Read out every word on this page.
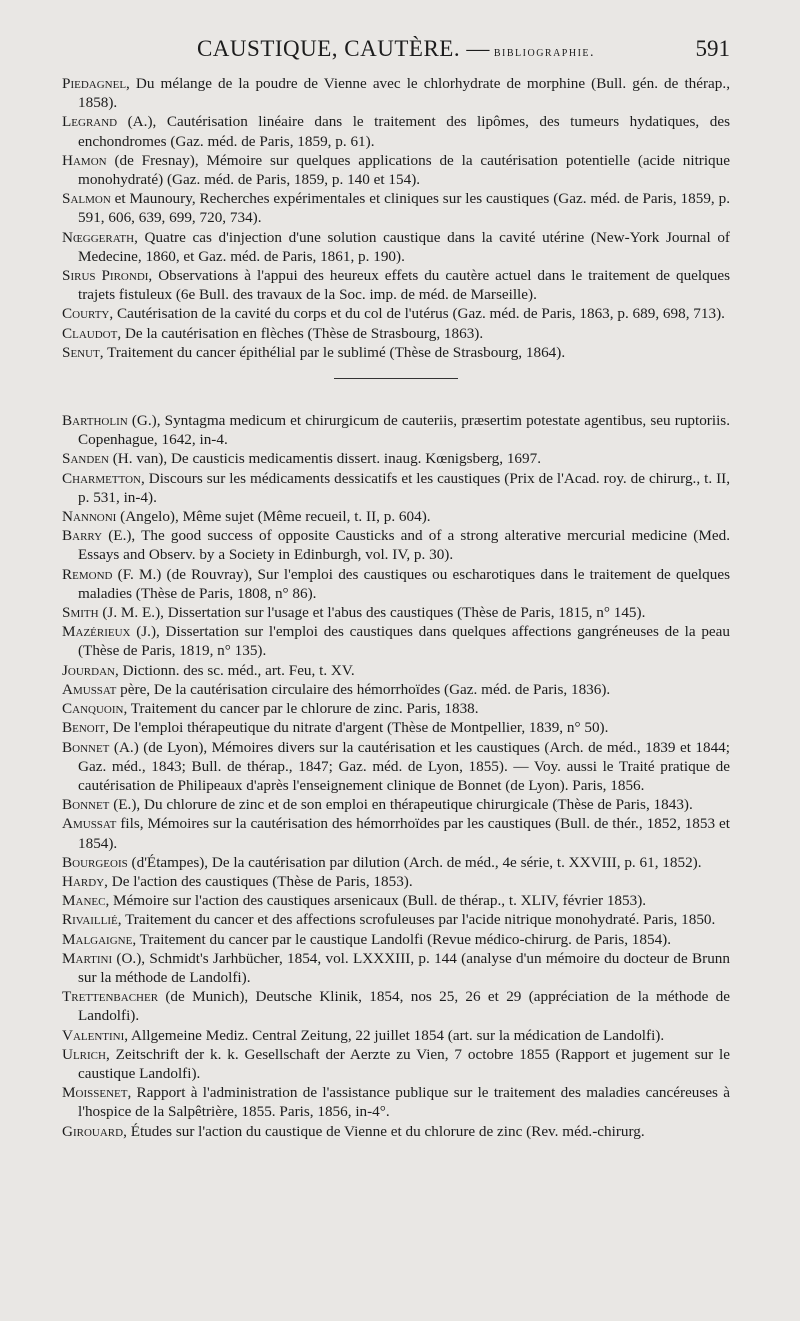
CAUSTIQUE, CAUTÈRE. — bibliographie.	591

Piedagnel, Du mélange de la poudre de Vienne avec le chlorhydrate de morphine (Bull. gén. de thérap., 1858).

Legrand (A.), Cautérisation linéaire dans le traitement des lipômes, des tumeurs hydatiques, des enchondromes (Gaz. méd. de Paris, 1859, p. 61).

Hamon (de Fresnay), Mémoire sur quelques applications de la cautérisation potentielle (acide nitrique monohydraté) (Gaz. méd. de Paris, 1859, p. 140 et 154).

Salmon et Maunoury, Recherches expérimentales et cliniques sur les caustiques (Gaz. méd. de Paris, 1859, p. 591, 606, 639, 699, 720, 734).

Nœggerath, Quatre cas d'injection d'une solution caustique dans la cavité utérine (New-York Journal of Medecine, 1860, et Gaz. méd. de Paris, 1861, p. 190).

Sirus Pirondi, Observations à l'appui des heureux effets du cautère actuel dans le traitement de quelques trajets fistuleux (6e Bull. des travaux de la Soc. imp. de méd. de Marseille).

Courty, Cautérisation de la cavité du corps et du col de l'utérus (Gaz. méd. de Paris, 1863, p. 689, 698, 713).

Claudot, De la cautérisation en flèches (Thèse de Strasbourg, 1863).

Senut, Traitement du cancer épithélial par le sublimé (Thèse de Strasbourg, 1864).

Bartholin (G.), Syntagma medicum et chirurgicum de cauteriis, præsertim potestate agentibus, seu ruptoriis. Copenhague, 1642, in-4.

Sanden (H. van), De causticis medicamentis dissert. inaug. Kœnigsberg, 1697.

Charmetton, Discours sur les médicaments dessicatifs et les caustiques (Prix de l'Acad. roy. de chirurg., t. II, p. 531, in-4).

Nannoni (Angelo), Même sujet (Même recueil, t. II, p. 604).

Barry (E.), The good success of opposite Causticks and of a strong alterative mercurial medicine (Med. Essays and Observ. by a Society in Edinburgh, vol. IV, p. 30).

Remond (F. M.) (de Rouvray), Sur l'emploi des caustiques ou escharotiques dans le traitement de quelques maladies (Thèse de Paris, 1808, n° 86).

Smith (J. M. E.), Dissertation sur l'usage et l'abus des caustiques (Thèse de Paris, 1815, n° 145).

Mazérieux (J.), Dissertation sur l'emploi des caustiques dans quelques affections gangréneuses de la peau (Thèse de Paris, 1819, n° 135).

Jourdan, Dictionn. des sc. méd., art. Feu, t. XV.

Amussat père, De la cautérisation circulaire des hémorrhoïdes (Gaz. méd. de Paris, 1836).

Canquoin, Traitement du cancer par le chlorure de zinc. Paris, 1838.

Benoit, De l'emploi thérapeutique du nitrate d'argent (Thèse de Montpellier, 1839, n° 50).

Bonnet (A.) (de Lyon), Mémoires divers sur la cautérisation et les caustiques (Arch. de méd., 1839 et 1844; Gaz. méd., 1843; Bull. de thérap., 1847; Gaz. méd. de Lyon, 1855). — Voy. aussi le Traité pratique de cautérisation de Philipeaux d'après l'enseignement clinique de Bonnet (de Lyon). Paris, 1856.

Bonnet (E.), Du chlorure de zinc et de son emploi en thérapeutique chirurgicale (Thèse de Paris, 1843).

Amussat fils, Mémoires sur la cautérisation des hémorrhoïdes par les caustiques (Bull. de thér., 1852, 1853 et 1854).

Bourgeois (d'Étampes), De la cautérisation par dilution (Arch. de méd., 4e série, t. XXVIII, p. 61, 1852).

Hardy, De l'action des caustiques (Thèse de Paris, 1853).

Manec, Mémoire sur l'action des caustiques arsenicaux (Bull. de thérap., t. XLIV, février 1853).

Rivaillié, Traitement du cancer et des affections scrofuleuses par l'acide nitrique monohydraté. Paris, 1850.

Malgaigne, Traitement du cancer par le caustique Landolfi (Revue médico-chirurg. de Paris, 1854).

Martini (O.), Schmidt's Jarhbücher, 1854, vol. LXXXIII, p. 144 (analyse d'un mémoire du docteur de Brunn sur la méthode de Landolfi).

Trettenbacher (de Munich), Deutsche Klinik, 1854, nos 25, 26 et 29 (appréciation de la méthode de Landolfi).

Valentini, Allgemeine Mediz. Central Zeitung, 22 juillet 1854 (art. sur la médication de Landolfi).

Ulrich, Zeitschrift der k. k. Gesellschaft der Aerzte zu Vien, 7 octobre 1855 (Rapport et jugement sur le caustique Landolfi).

Moissenet, Rapport à l'administration de l'assistance publique sur le traitement des maladies cancéreuses à l'hospice de la Salpêtrière, 1855. Paris, 1856, in-4°.

Girouard, Études sur l'action du caustique de Vienne et du chlorure de zinc (Rev. méd.-chirurg.
